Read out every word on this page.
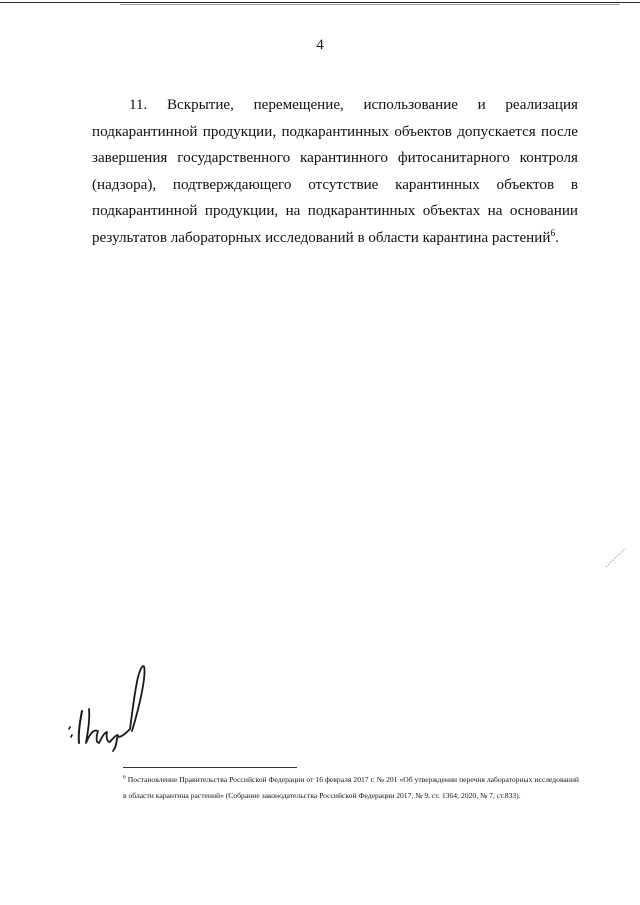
4

11. Вскрытие, перемещение, использование и реализация подкарантинной продукции, подкарантинных объектов допускается после завершения государственного карантинного фитосанитарного контроля (надзора), подтверждающего отсутствие карантинных объектов в подкарантинной продукции, на подкарантинных объектах на основании результатов лабораторных исследований в области карантина растений$^6$.

$^6$ Постановление Правительства Российской Федерации от 16 февраля 2017 г. № 201 «Об утверждении перечня лабораторных исследований в области карантина растений» (Собрание законодательства Российской Федерации 2017, № 9, ст. 1364; 2020, № 7, ст.833).
